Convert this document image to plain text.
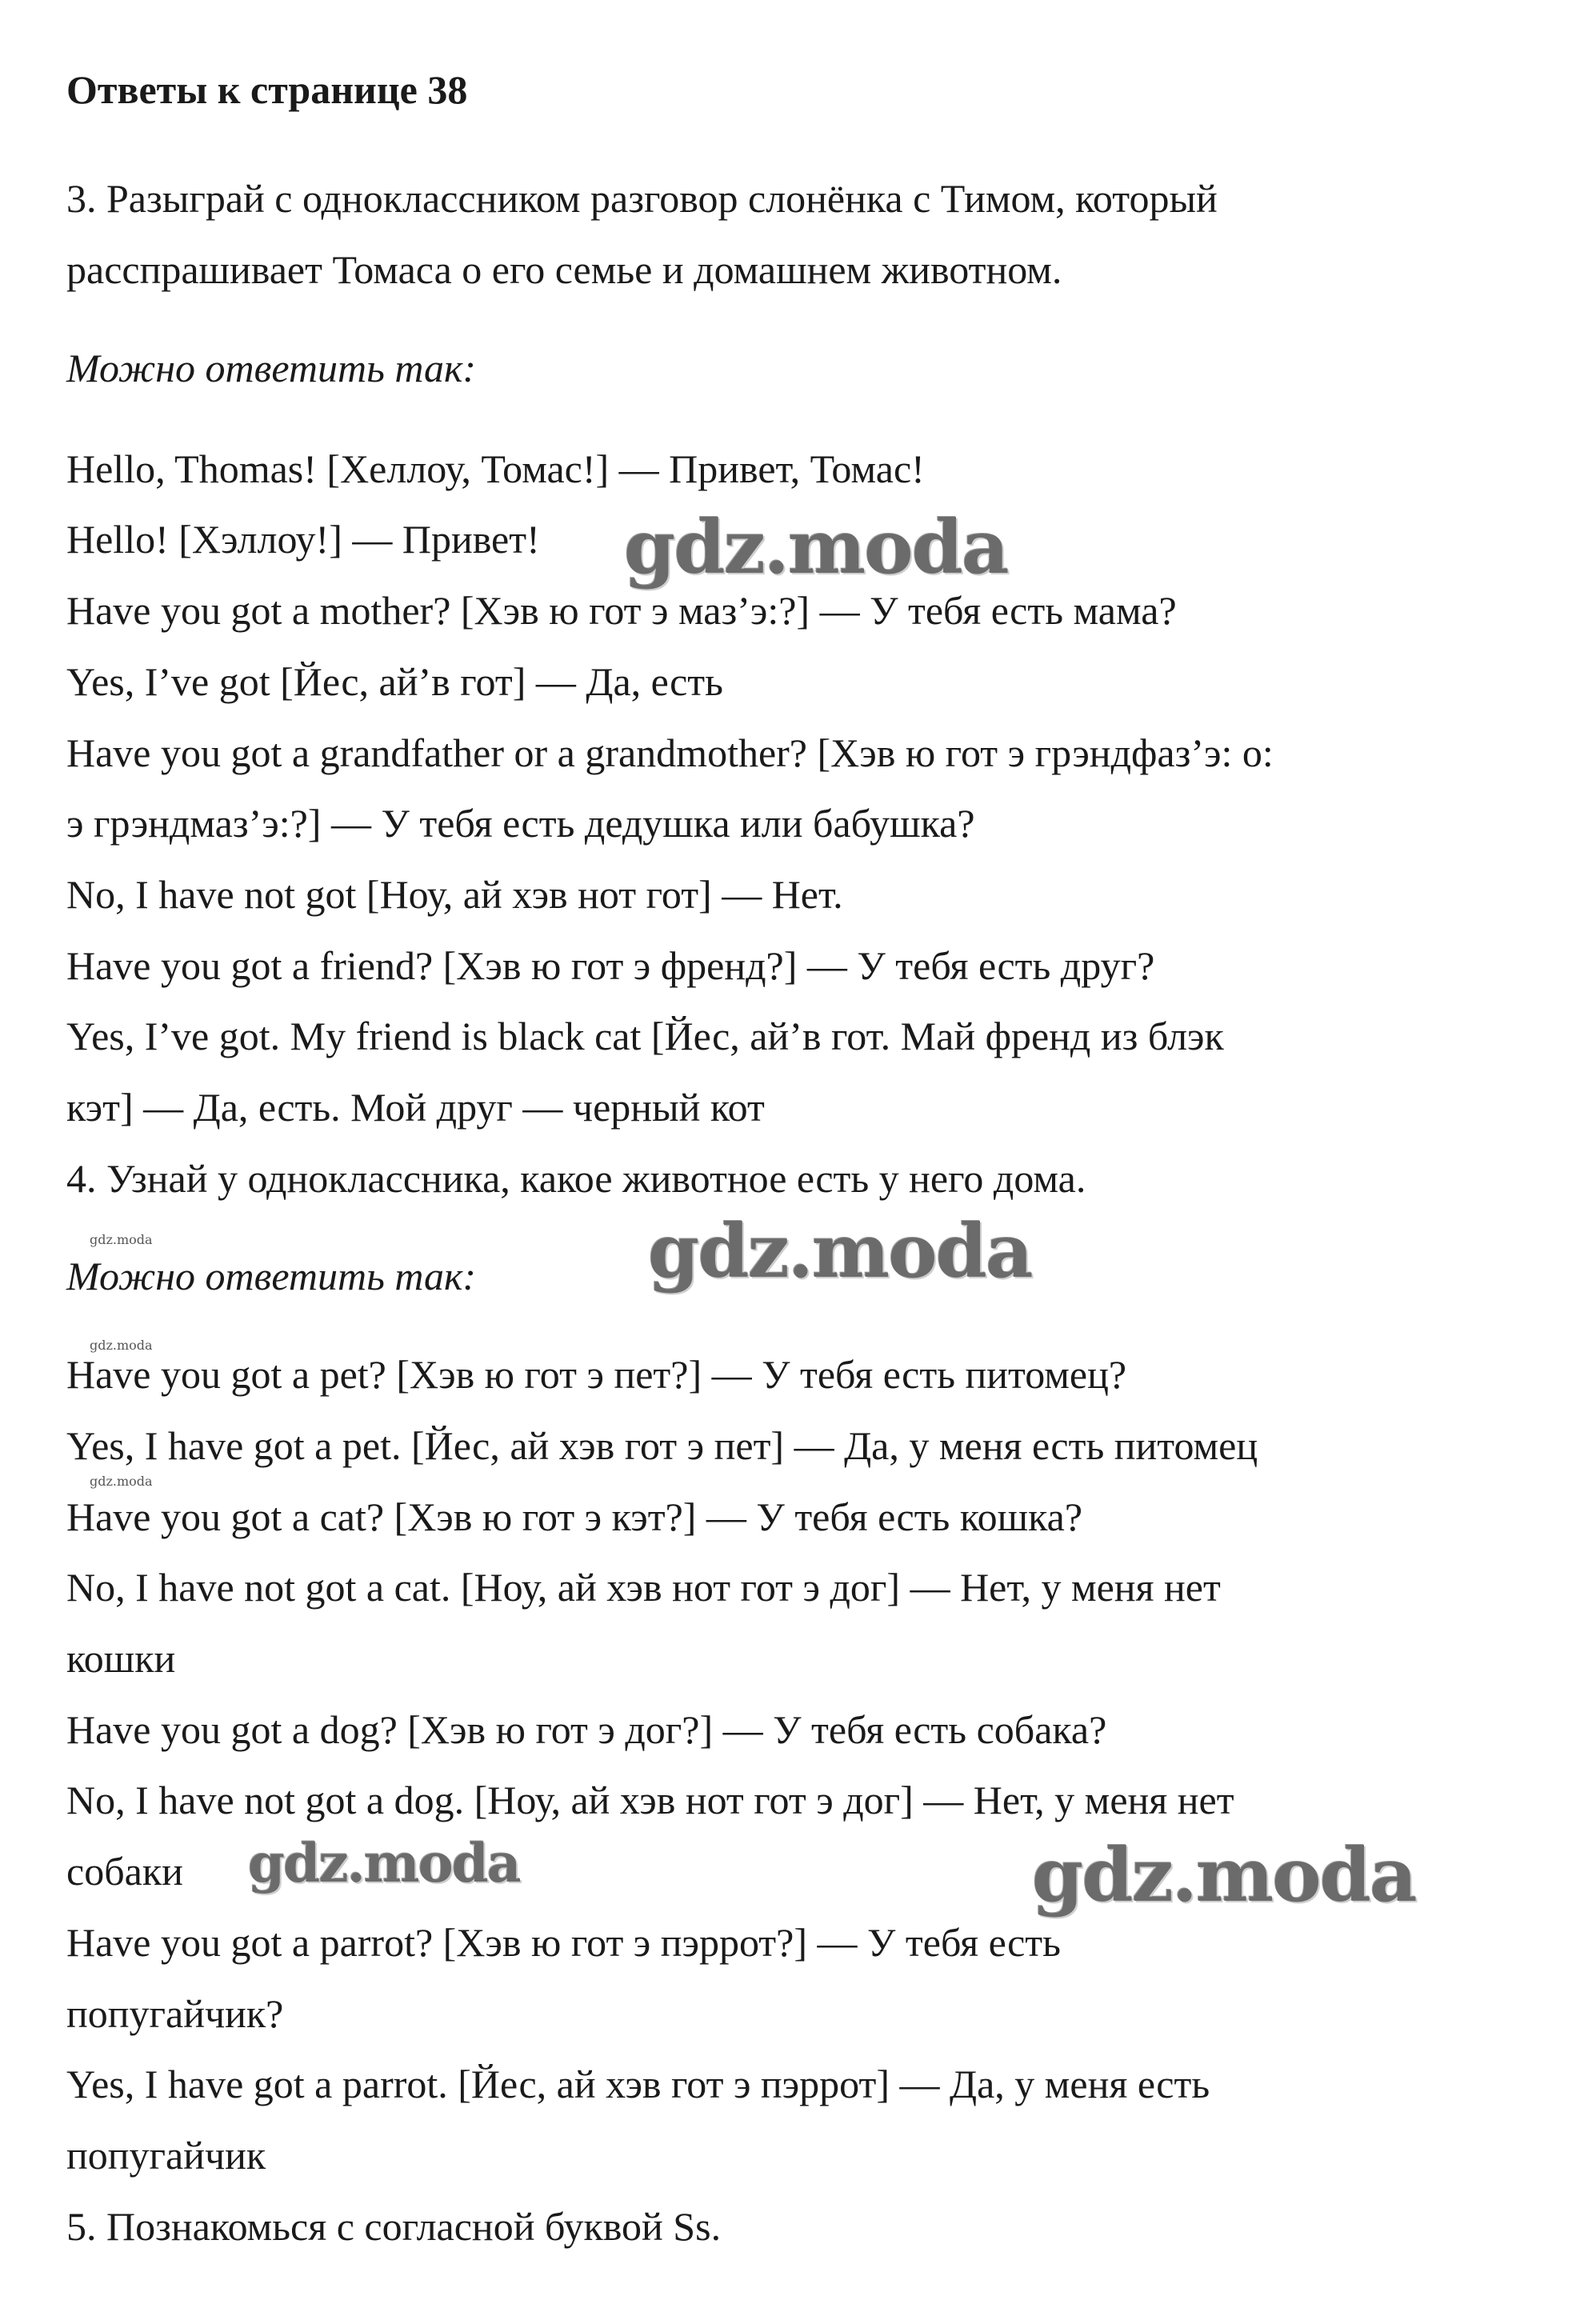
Ответы к странице 38
3. Разыграй с одноклассником разговор слонёнка с Тимом, который
расспрашивает Томаса о его семье и домашнем животном.
Можно ответить так:
Hello, Thomas! [Хеллоу, Томас!] — Привет, Томас!
Hello! [Хэллоу!] — Привет!
Have you got a mother? [Хэв ю гот э маз’э:?] — У тебя есть мама?
Yes, I’ve got [Йес, ай’в гот] — Да, есть
Have you got a grandfather or a grandmother? [Хэв ю гот э грэндфаз’э: о:
э грэндмаз’э:?] — У тебя есть дедушка или бабушка?
No, I have not got [Ноу, ай хэв нот гот] — Нет.
Have you got a friend? [Хэв ю гот э френд?] — У тебя есть друг?
Yes, I’ve got. My friend is black cat [Йес, ай’в гот. Май френд из блэк
кэт] — Да, есть. Мой друг — черный кот
4. Узнай у одноклассника, какое животное есть у него дома.
Можно ответить так:
Have you got a pet? [Хэв ю гот э пет?] — У тебя есть питомец?
Yes, I have got a pet. [Йес, ай хэв гот э пет] — Да, у меня есть питомец
Have you got a cat? [Хэв ю гот э кэт?] — У тебя есть кошка?
No, I have not got a cat. [Ноу, ай хэв нот гот э дог] — Нет, у меня нет
кошки
Have you got a dog? [Хэв ю гот э дог?] — У тебя есть собака?
No, I have not got a dog. [Ноу, ай хэв нот гот э дог] — Нет, у меня нет
собаки
Have you got a parrot? [Хэв ю гот э пэррот?] — У тебя есть
попугайчик?
Yes, I have got a parrot. [Йес, ай хэв гот э пэррот] — Да, у меня есть
попугайчик
5. Познакомься с согласной буквой Ss.
gdz.moda
gdz.moda
gdz.moda	gdz.moda
gdz.moda
gdz.moda
gdz.moda
